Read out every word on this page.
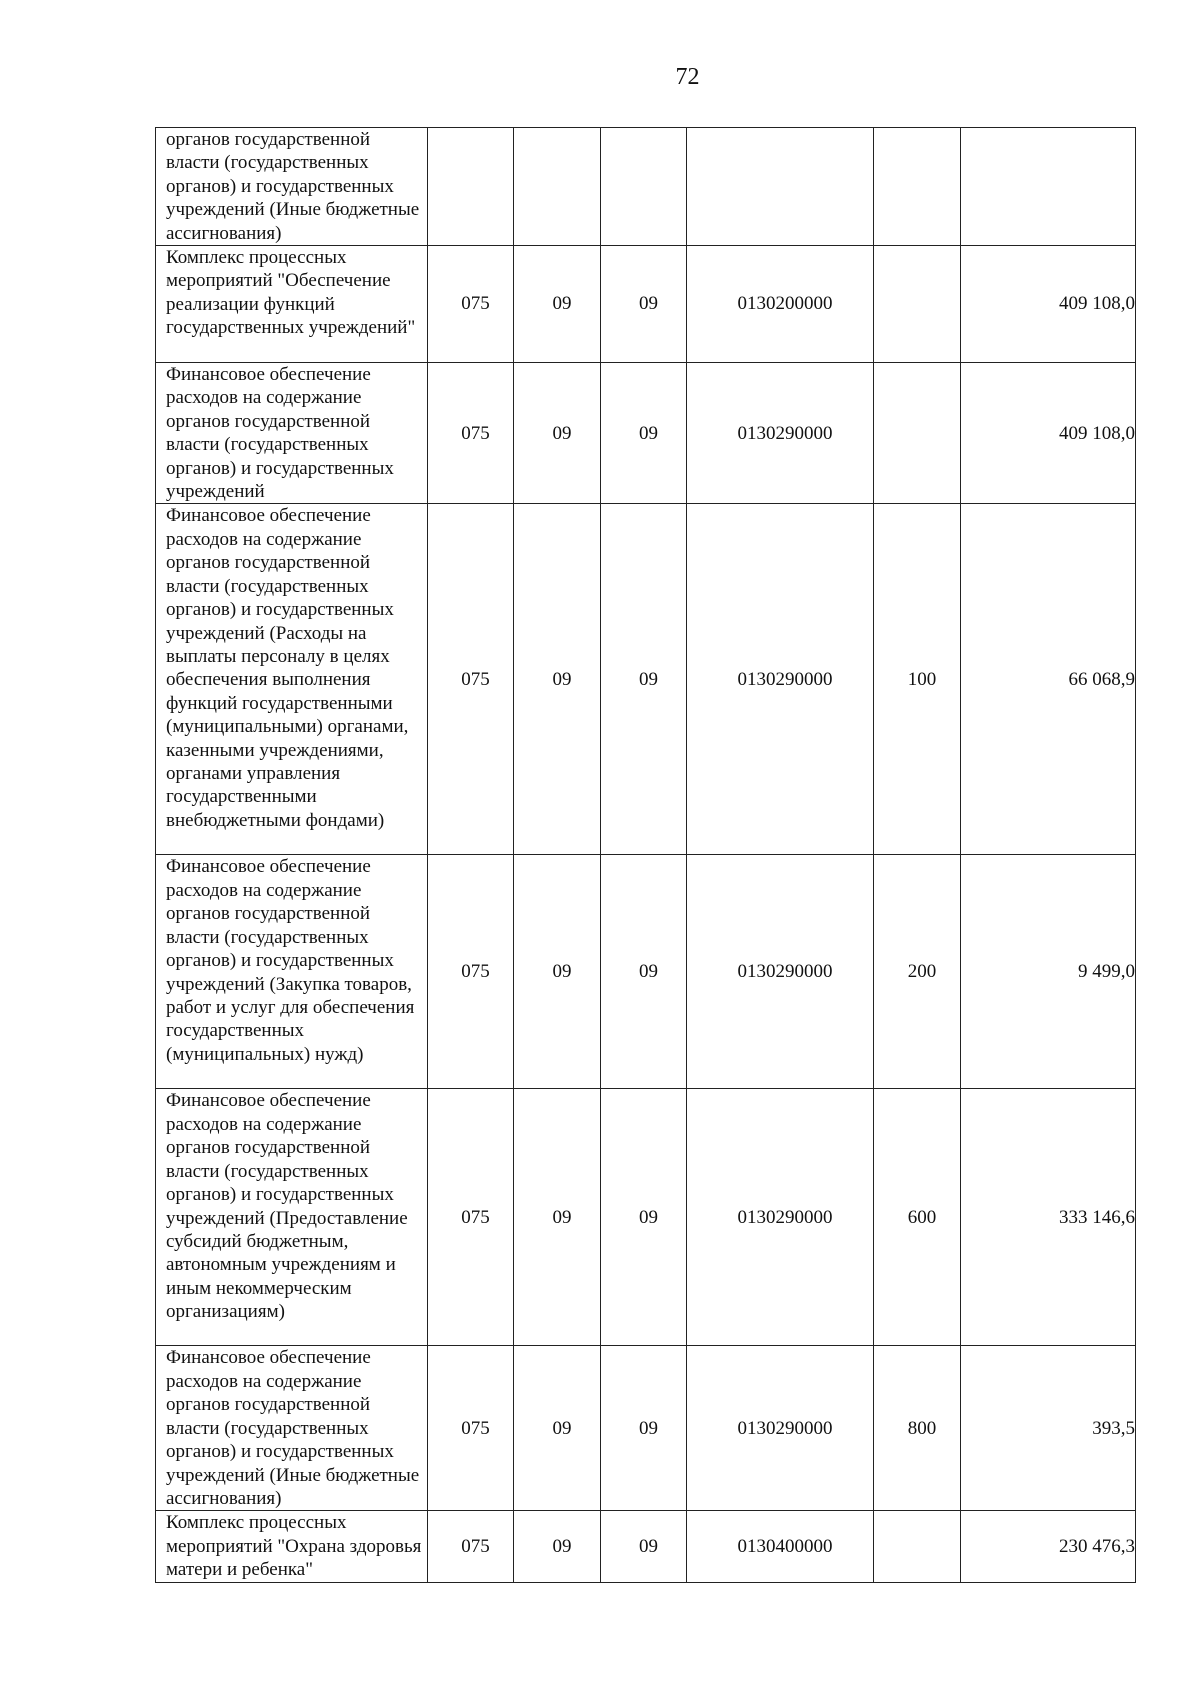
72
органов государственной власти (государственных органов) и государственных учреждений (Иные бюджетные ассигнования)						
Комплекс процессных мероприятий "Обеспечение реализации функций государственных учреждений"	075	09	09	0130200000		409 108,0
Финансовое обеспечение расходов на содержание органов государственной власти (государственных органов) и государственных учреждений	075	09	09	0130290000		409 108,0
Финансовое обеспечение расходов на содержание органов государственной власти (государственных органов) и государственных учреждений (Расходы на выплаты персоналу в целях обеспечения выполнения функций государственными (муниципальными) органами, казенными учреждениями, органами управления государственными внебюджетными фондами)	075	09	09	0130290000	100	66 068,9
Финансовое обеспечение расходов на содержание органов государственной власти (государственных органов) и государственных учреждений (Закупка товаров, работ и услуг для обеспечения государственных (муниципальных) нужд)	075	09	09	0130290000	200	9 499,0
Финансовое обеспечение расходов на содержание органов государственной власти (государственных органов) и государственных учреждений (Предоставление субсидий бюджетным, автономным учреждениям и иным некоммерческим организациям)	075	09	09	0130290000	600	333 146,6
Финансовое обеспечение расходов на содержание органов государственной власти (государственных органов) и государственных учреждений (Иные бюджетные ассигнования)	075	09	09	0130290000	800	393,5
Комплекс процессных мероприятий "Охрана здоровья матери и ребенка"	075	09	09	0130400000		230 476,3
